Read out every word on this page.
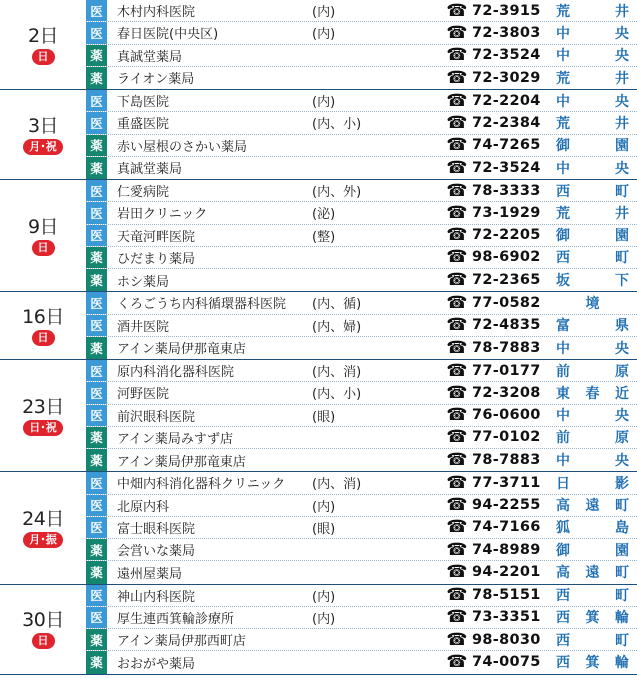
2日
日
医	木村内科医院	(内)	☎ 72-3915	荒	井
医	春日医院(中央区)	(内)	☎ 72-3803	中	央
薬	真誠堂薬局	☎ 72-3524	中	央
薬	ライオン薬局	☎ 72-3029	荒	井
3日
月･祝
医	下島医院	(内)	☎ 72-2204	中	央
医	重盛医院	(内、小)	☎ 72-2384	荒	井
薬	赤い屋根のさかい薬局	☎ 74-7265	御	園
薬	真誠堂薬局	☎ 72-3524	中	央
9日
日
医	仁愛病院	(内、外)	☎ 78-3333	西	町
医	岩田クリニック	(泌)	☎ 73-1929	荒	井
医	天竜河畔医院	(整)	☎ 72-2205	御	園
薬	ひだまり薬局	☎ 98-6902	西	町
薬	ホシ薬局	☎ 72-2365	坂	下
16日
日
医	くろごうち内科循環器科医院	(内、循)	☎ 77-0582	境
医	酒井医院	(内、婦)	☎ 72-4835	富	県
薬	アイン薬局伊那竜東店	☎ 78-7883	中	央
23日
日･祝
医	原内科消化器科医院	(内、消)	☎ 77-0177	前	原
医	河野医院	(内、小)	☎ 72-3208	東 春 近
医	前沢眼科医院	(眼)	☎ 76-0600	中	央
薬	アイン薬局みすず店	☎ 77-0102	前	原
薬	アイン薬局伊那竜東店	☎ 78-7883	中	央
24日
月･振
医	中畑内科消化器科クリニック	(内、消)	☎ 77-3711	日	影
医	北原内科	(内)	☎ 94-2255	高 遠 町
医	富士眼科医院	(眼)	☎ 74-7166	狐	島
薬	会営いな薬局	☎ 74-8989	御	園
薬	遠州屋薬局	☎ 94-2201	高 遠 町
30日
日
医	神山内科医院	(内)	☎ 78-5151	西	町
医	厚生連西箕輪診療所	(内)	☎ 73-3351	西 箕 輪
薬	アイン薬局伊那西町店	☎ 98-8030	西	町
薬	おおがや薬局	☎ 74-0075	西 箕 輪
